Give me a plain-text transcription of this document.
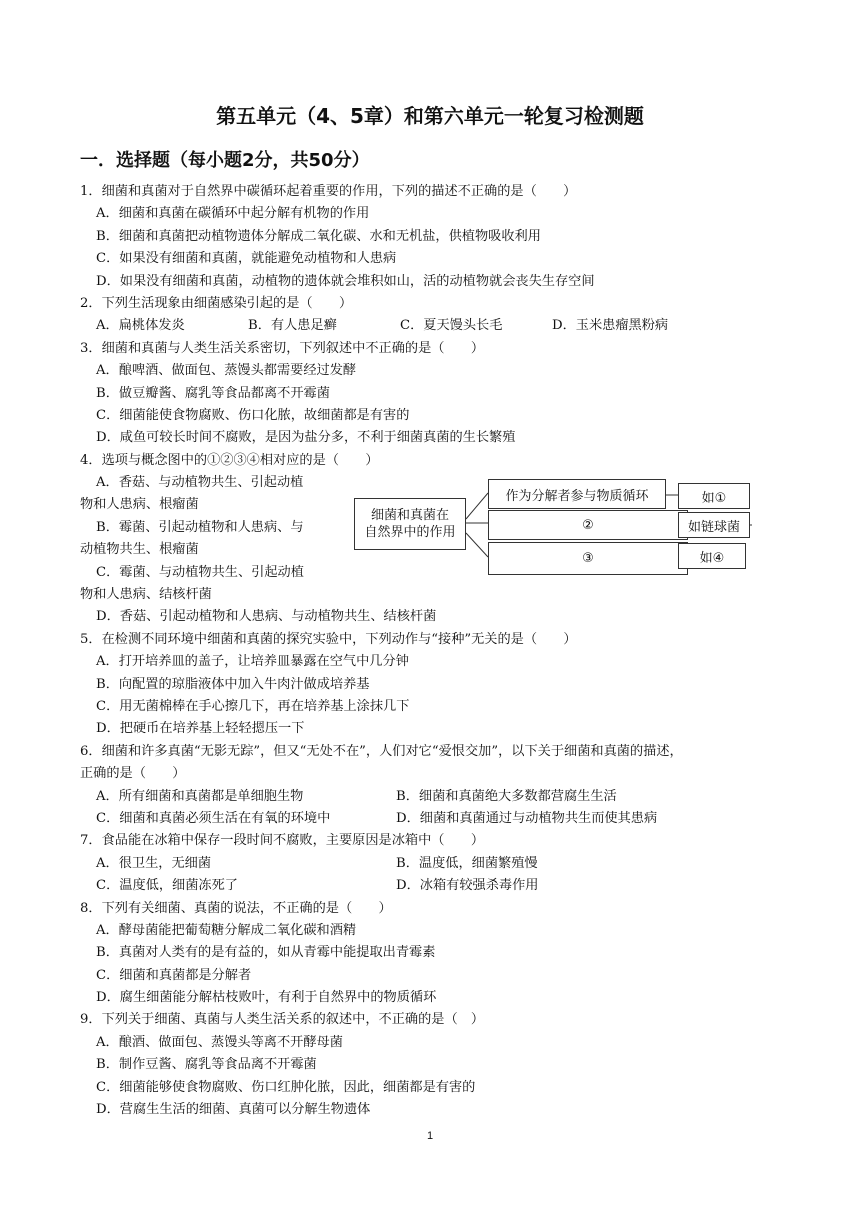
第五单元（4、5章）和第六单元一轮复习检测题
一．选择题（每小题2分，共50分）
1．细菌和真菌对于自然界中碳循环起着重要的作用，下列的描述不正确的是（　　）
A．细菌和真菌在碳循环中起分解有机物的作用
B．细菌和真菌把动植物遗体分解成二氧化碳、水和无机盐，供植物吸收利用
C．如果没有细菌和真菌，就能避免动植物和人患病
D．如果没有细菌和真菌，动植物的遗体就会堆积如山，活的动植物就会丧失生存空间
2．下列生活现象由细菌感染引起的是（　　）
A．扁桃体发炎	B．有人患足癣	C．夏天馒头长毛	D．玉米患瘤黑粉病
3．细菌和真菌与人类生活关系密切，下列叙述中不正确的是（　　）
A．酿啤酒、做面包、蒸馒头都需要经过发酵
B．做豆瓣酱、腐乳等食品都离不开霉菌
C．细菌能使食物腐败、伤口化脓，故细菌都是有害的
D．咸鱼可较长时间不腐败，是因为盐分多，不利于细菌真菌的生长繁殖
4．选项与概念图中的①②③④相对应的是（　　）
A．香菇、与动植物共生、引起动植
物和人患病、根瘤菌
B．霉菌、引起动植物和人患病、与
动植物共生、根瘤菌
C．霉菌、与动植物共生、引起动植
物和人患病、结核杆菌
D．香菇、引起动植物和人患病、与动植物共生、结核杆菌
5．在检测不同环境中细菌和真菌的探究实验中，下列动作与“接种”无关的是（　　）
A．打开培养皿的盖子，让培养皿暴露在空气中几分钟
B．向配置的琼脂液体中加入牛肉汁做成培养基
C．用无菌棉棒在手心擦几下，再在培养基上涂抹几下
D．把硬币在培养基上轻轻摁压一下
6．细菌和许多真菌“无影无踪”，但又“无处不在”，人们对它“爱恨交加”，以下关于细菌和真菌的描述，
正确的是（　　）
A．所有细菌和真菌都是单细胞生物	B．细菌和真菌绝大多数都营腐生生活
C．细菌和真菌必须生活在有氧的环境中	D．细菌和真菌通过与动植物共生而使其患病
7．食品能在冰箱中保存一段时间不腐败，主要原因是冰箱中（　　）
A．很卫生，无细菌	B．温度低，细菌繁殖慢
C．温度低，细菌冻死了	D．冰箱有较强杀毒作用
8．下列有关细菌、真菌的说法，不正确的是（　　）
A．酵母菌能把葡萄糖分解成二氧化碳和酒精
B．真菌对人类有的是有益的，如从青霉中能提取出青霉素
C．细菌和真菌都是分解者
D．腐生细菌能分解枯枝败叶，有利于自然界中的物质循环
9．下列关于细菌、真菌与人类生活关系的叙述中，不正确的是（　）
A．酿酒、做面包、蒸馒头等离不开酵母菌
B．制作豆酱、腐乳等食品离不开霉菌
C．细菌能够使食物腐败、伤口红肿化脓，因此，细菌都是有害的
D．营腐生生活的细菌、真菌可以分解生物遗体
细菌和真菌在
自然界中的作用
作为分解者参与物质循环
②
③
如①
如链球菌
如④
1
